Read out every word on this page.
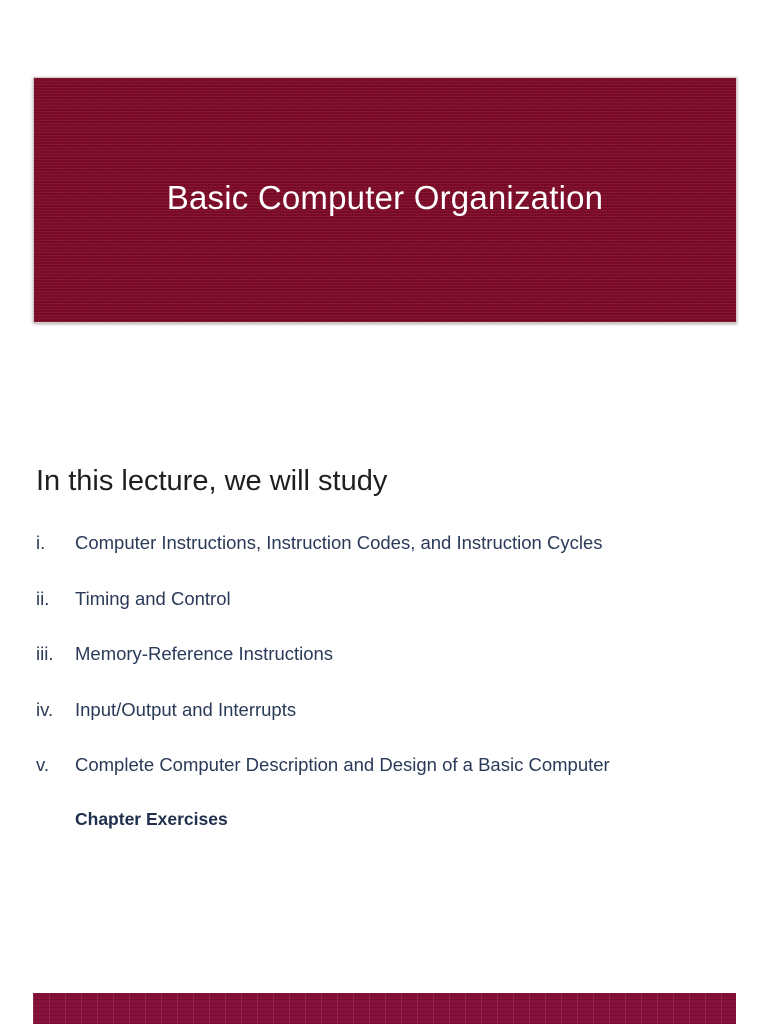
Basic Computer Organization
In this lecture, we will study
i.	Computer Instructions, Instruction Codes, and Instruction Cycles
ii.	Timing and Control
iii.	Memory-Reference Instructions
iv.	Input/Output and Interrupts
v.	Complete Computer Description and Design of a Basic Computer
Chapter Exercises
